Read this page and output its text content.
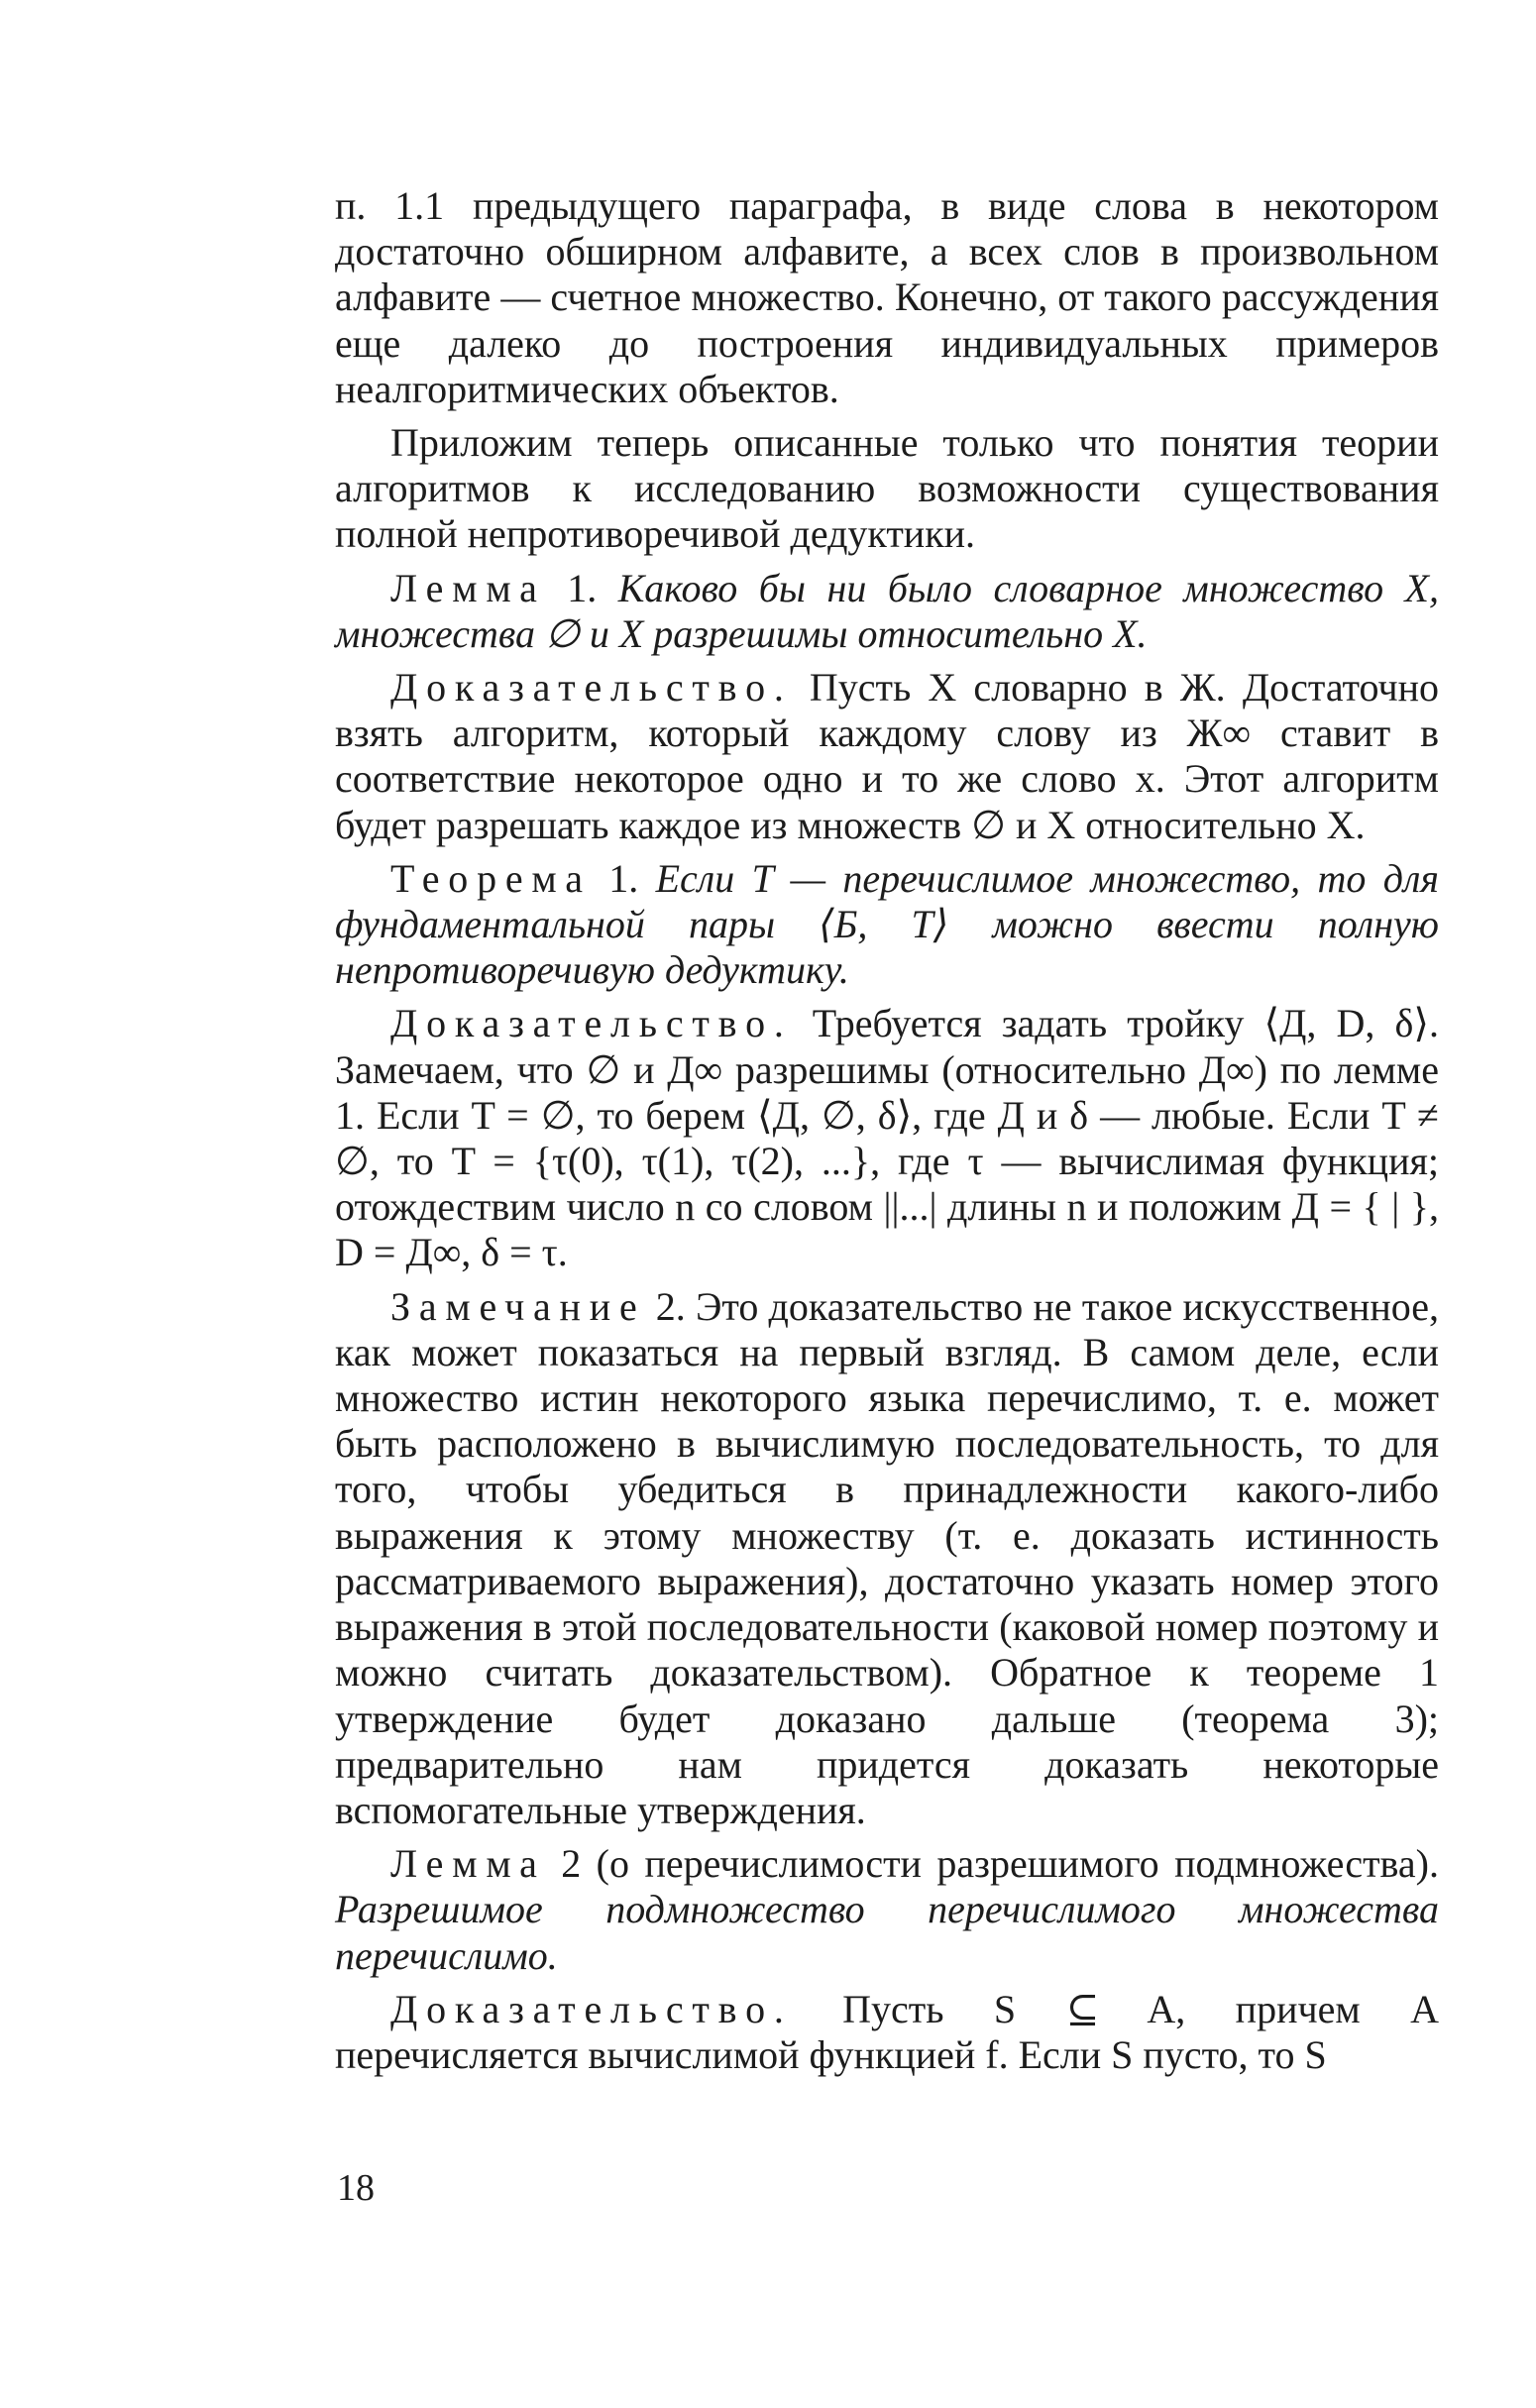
п. 1.1 предыдущего параграфа, в виде слова в некотором достаточно обширном алфавите, а всех слов в произвольном алфавите — счетное множество. Конечно, от такого рассуждения еще далеко до построения индивидуальных примеров неалгоритмических объектов.

Приложим теперь описанные только что понятия теории алгоритмов к исследованию возможности существования полной непротиворечивой дедуктики.

Лемма 1. Каково бы ни было словарное множество X, множества ∅ и X разрешимы относительно X.

Доказательство. Пусть X словарно в Ж. Достаточно взять алгоритм, который каждому слову из Ж∞ ставит в соответствие некоторое одно и то же слово x. Этот алгоритм будет разрешать каждое из множеств ∅ и X относительно X.

Теорема 1. Если T — перечислимое множество, то для фундаментальной пары ⟨Б, T⟩ можно ввести полную непротиворечивую дедуктику.

Доказательство. Требуется задать тройку ⟨Д, D, δ⟩. Замечаем, что ∅ и Д∞ разрешимы (относительно Д∞) по лемме 1. Если T = ∅, то берем ⟨Д, ∅, δ⟩, где Д и δ — любые. Если T ≠ ∅, то T = {τ(0), τ(1), τ(2), ...}, где τ — вычислимая функция; отождествим число n со словом ||...| длины n и положим Д = { | }, D = Д∞, δ = τ.

Замечание 2. Это доказательство не такое искусственное, как может показаться на первый взгляд. В самом деле, если множество истин некоторого языка перечислимо, т. е. может быть расположено в вычислимую последовательность, то для того, чтобы убедиться в принадлежности какого-либо выражения к этому множеству (т. е. доказать истинность рассматриваемого выражения), достаточно указать номер этого выражения в этой последовательности (каковой номер поэтому и можно считать доказательством). Обратное к теореме 1 утверждение будет доказано дальше (теорема 3); предварительно нам придется доказать некоторые вспомогательные утверждения.

Лемма 2 (о перечислимости разрешимого подмножества). Разрешимое подмножество перечислимого множества перечислимо.

Доказательство. Пусть S ⊆ A, причем A перечисляется вычислимой функцией f. Если S пусто, то S

18
